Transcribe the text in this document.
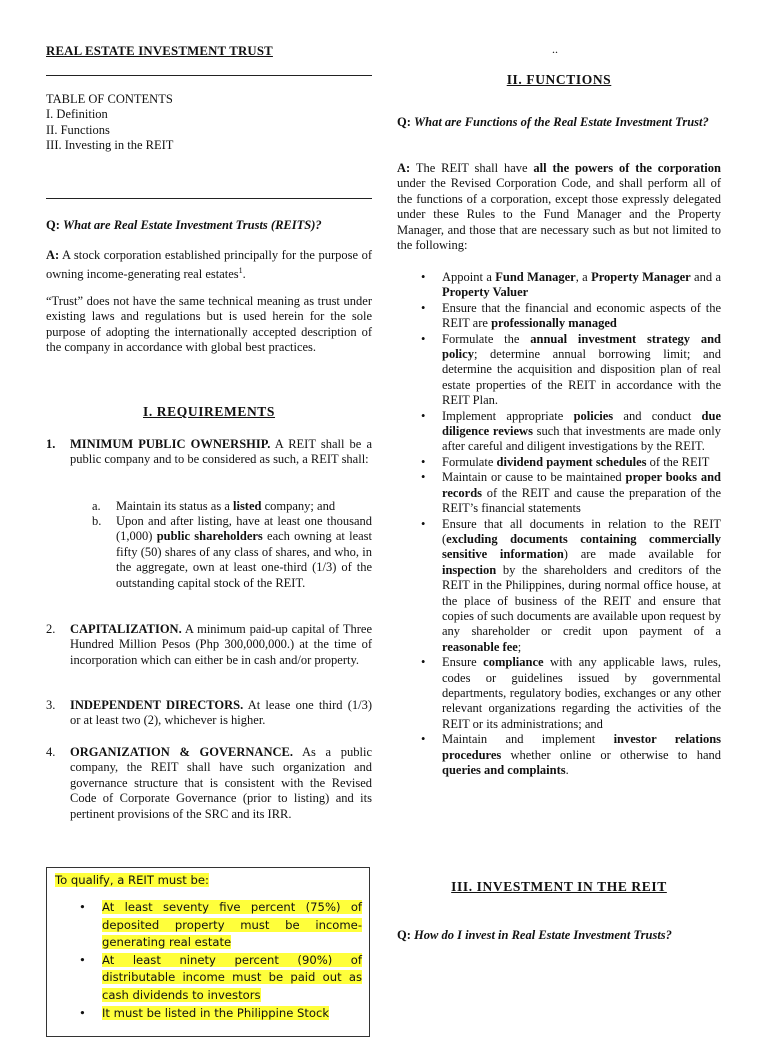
REAL ESTATE INVESTMENT TRUST
TABLE OF CONTENTS
I. Definition
II. Functions
III. Investing in the REIT
Q: What are Real Estate Investment Trusts (REITS)?
A: A stock corporation established principally for the purpose of owning income-generating real estates$^1$.
“Trust” does not have the same technical meaning as trust under existing laws and regulations but is used herein for the sole purpose of adopting the internationally accepted description of the company in accordance with global best practices.
I. REQUIREMENTS
1. MINIMUM PUBLIC OWNERSHIP. A REIT shall be a public company and to be considered as such, a REIT shall:
a. Maintain its status as a listed company; and
b. Upon and after listing, have at least one thousand (1,000) public shareholders each owning at least fifty (50) shares of any class of shares, and who, in the aggregate, own at least one-third (1/3) of the outstanding capital stock of the REIT.
2. CAPITALIZATION. A minimum paid-up capital of Three Hundred Million Pesos (Php 300,000,000.) at the time of incorporation which can either be in cash and/or property.
3. INDEPENDENT DIRECTORS. At lease one third (1/3) or at least two (2), whichever is higher.
4. ORGANIZATION & GOVERNANCE. As a public company, the REIT shall have such organization and governance structure that is consistent with the Revised Code of Corporate Governance (prior to listing) and its pertinent provisions of the SRC and its IRR.
To qualify, a REIT must be:
• At least seventy five percent (75%) of deposited property must be income-generating real estate
• At least ninety percent (90%) of distributable income must be paid out as cash dividends to investors
• It must be listed in the Philippine Stock
..
II. FUNCTIONS
Q: What are Functions of the Real Estate Investment Trust?
A: The REIT shall have all the powers of the corporation under the Revised Corporation Code, and shall perform all of the functions of a corporation, except those expressly delegated under these Rules to the Fund Manager and the Property Manager, and those that are necessary such as but not limited to the following:
• Appoint a Fund Manager, a Property Manager and a Property Valuer
• Ensure that the financial and economic aspects of the REIT are professionally managed
• Formulate the annual investment strategy and policy; determine annual borrowing limit; and determine the acquisition and disposition plan of real estate properties of the REIT in accordance with the REIT Plan.
• Implement appropriate policies and conduct due diligence reviews such that investments are made only after careful and diligent investigations by the REIT.
• Formulate dividend payment schedules of the REIT
• Maintain or cause to be maintained proper books and records of the REIT and cause the preparation of the REIT’s financial statements
• Ensure that all documents in relation to the REIT (excluding documents containing commercially sensitive information) are made available for inspection by the shareholders and creditors of the REIT in the Philippines, during normal office house, at the place of business of the REIT and ensure that copies of such documents are available upon request by any shareholder or credit upon payment of a reasonable fee;
• Ensure compliance with any applicable laws, rules, codes or guidelines issued by governmental departments, regulatory bodies, exchanges or any other relevant organizations regarding the activities of the REIT or its administrations; and
• Maintain and implement investor relations procedures whether online or otherwise to hand queries and complaints.
III. INVESTMENT IN THE REIT
Q: How do I invest in Real Estate Investment Trusts?
